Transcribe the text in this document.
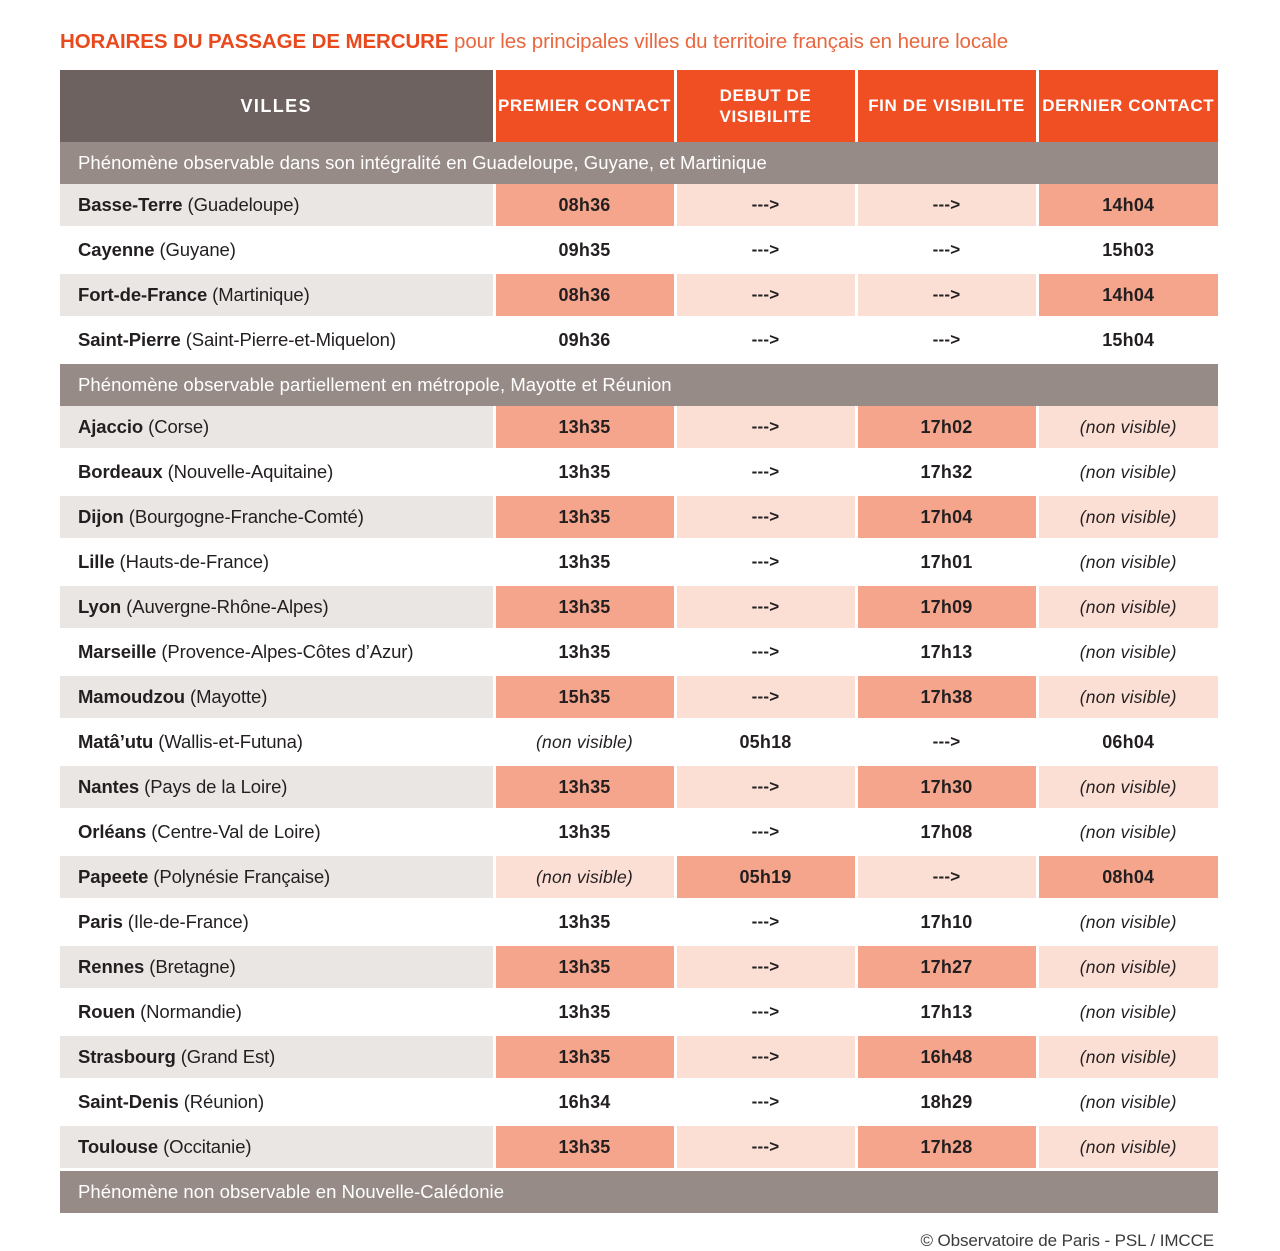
HORAIRES DU PASSAGE DE MERCURE pour les principales villes du territoire français en heure locale
VILLES	PREMIER CONTACT	DEBUT DE VISIBILITE	FIN DE VISIBILITE	DERNIER CONTACT
Phénomène observable dans son intégralité en Guadeloupe, Guyane, et Martinique				
Basse-Terre (Guadeloupe)	08h36	--->	--->	14h04
Cayenne (Guyane)	09h35	--->	--->	15h03
Fort-de-France (Martinique)	08h36	--->	--->	14h04
Saint-Pierre (Saint-Pierre-et-Miquelon)	09h36	--->	--->	15h04
Phénomène observable partiellement en métropole, Mayotte et Réunion				
Ajaccio (Corse)	13h35	--->	17h02	(non visible)
Bordeaux (Nouvelle-Aquitaine)	13h35	--->	17h32	(non visible)
Dijon (Bourgogne-Franche-Comté)	13h35	--->	17h04	(non visible)
Lille (Hauts-de-France)	13h35	--->	17h01	(non visible)
Lyon (Auvergne-Rhône-Alpes)	13h35	--->	17h09	(non visible)
Marseille (Provence-Alpes-Côtes d’Azur)	13h35	--->	17h13	(non visible)
Mamoudzou (Mayotte)	15h35	--->	17h38	(non visible)
Matâ’utu (Wallis-et-Futuna)	(non visible)	05h18	--->	06h04
Nantes (Pays de la Loire)	13h35	--->	17h30	(non visible)
Orléans (Centre-Val de Loire)	13h35	--->	17h08	(non visible)
Papeete (Polynésie Française)	(non visible)	05h19	--->	08h04
Paris (Ile-de-France)	13h35	--->	17h10	(non visible)
Rennes (Bretagne)	13h35	--->	17h27	(non visible)
Rouen (Normandie)	13h35	--->	17h13	(non visible)
Strasbourg (Grand Est)	13h35	--->	16h48	(non visible)
Saint-Denis (Réunion)	16h34	--->	18h29	(non visible)
Toulouse (Occitanie)	13h35	--->	17h28	(non visible)
Phénomène non observable en Nouvelle-Calédonie
© Observatoire de Paris - PSL / IMCCE
